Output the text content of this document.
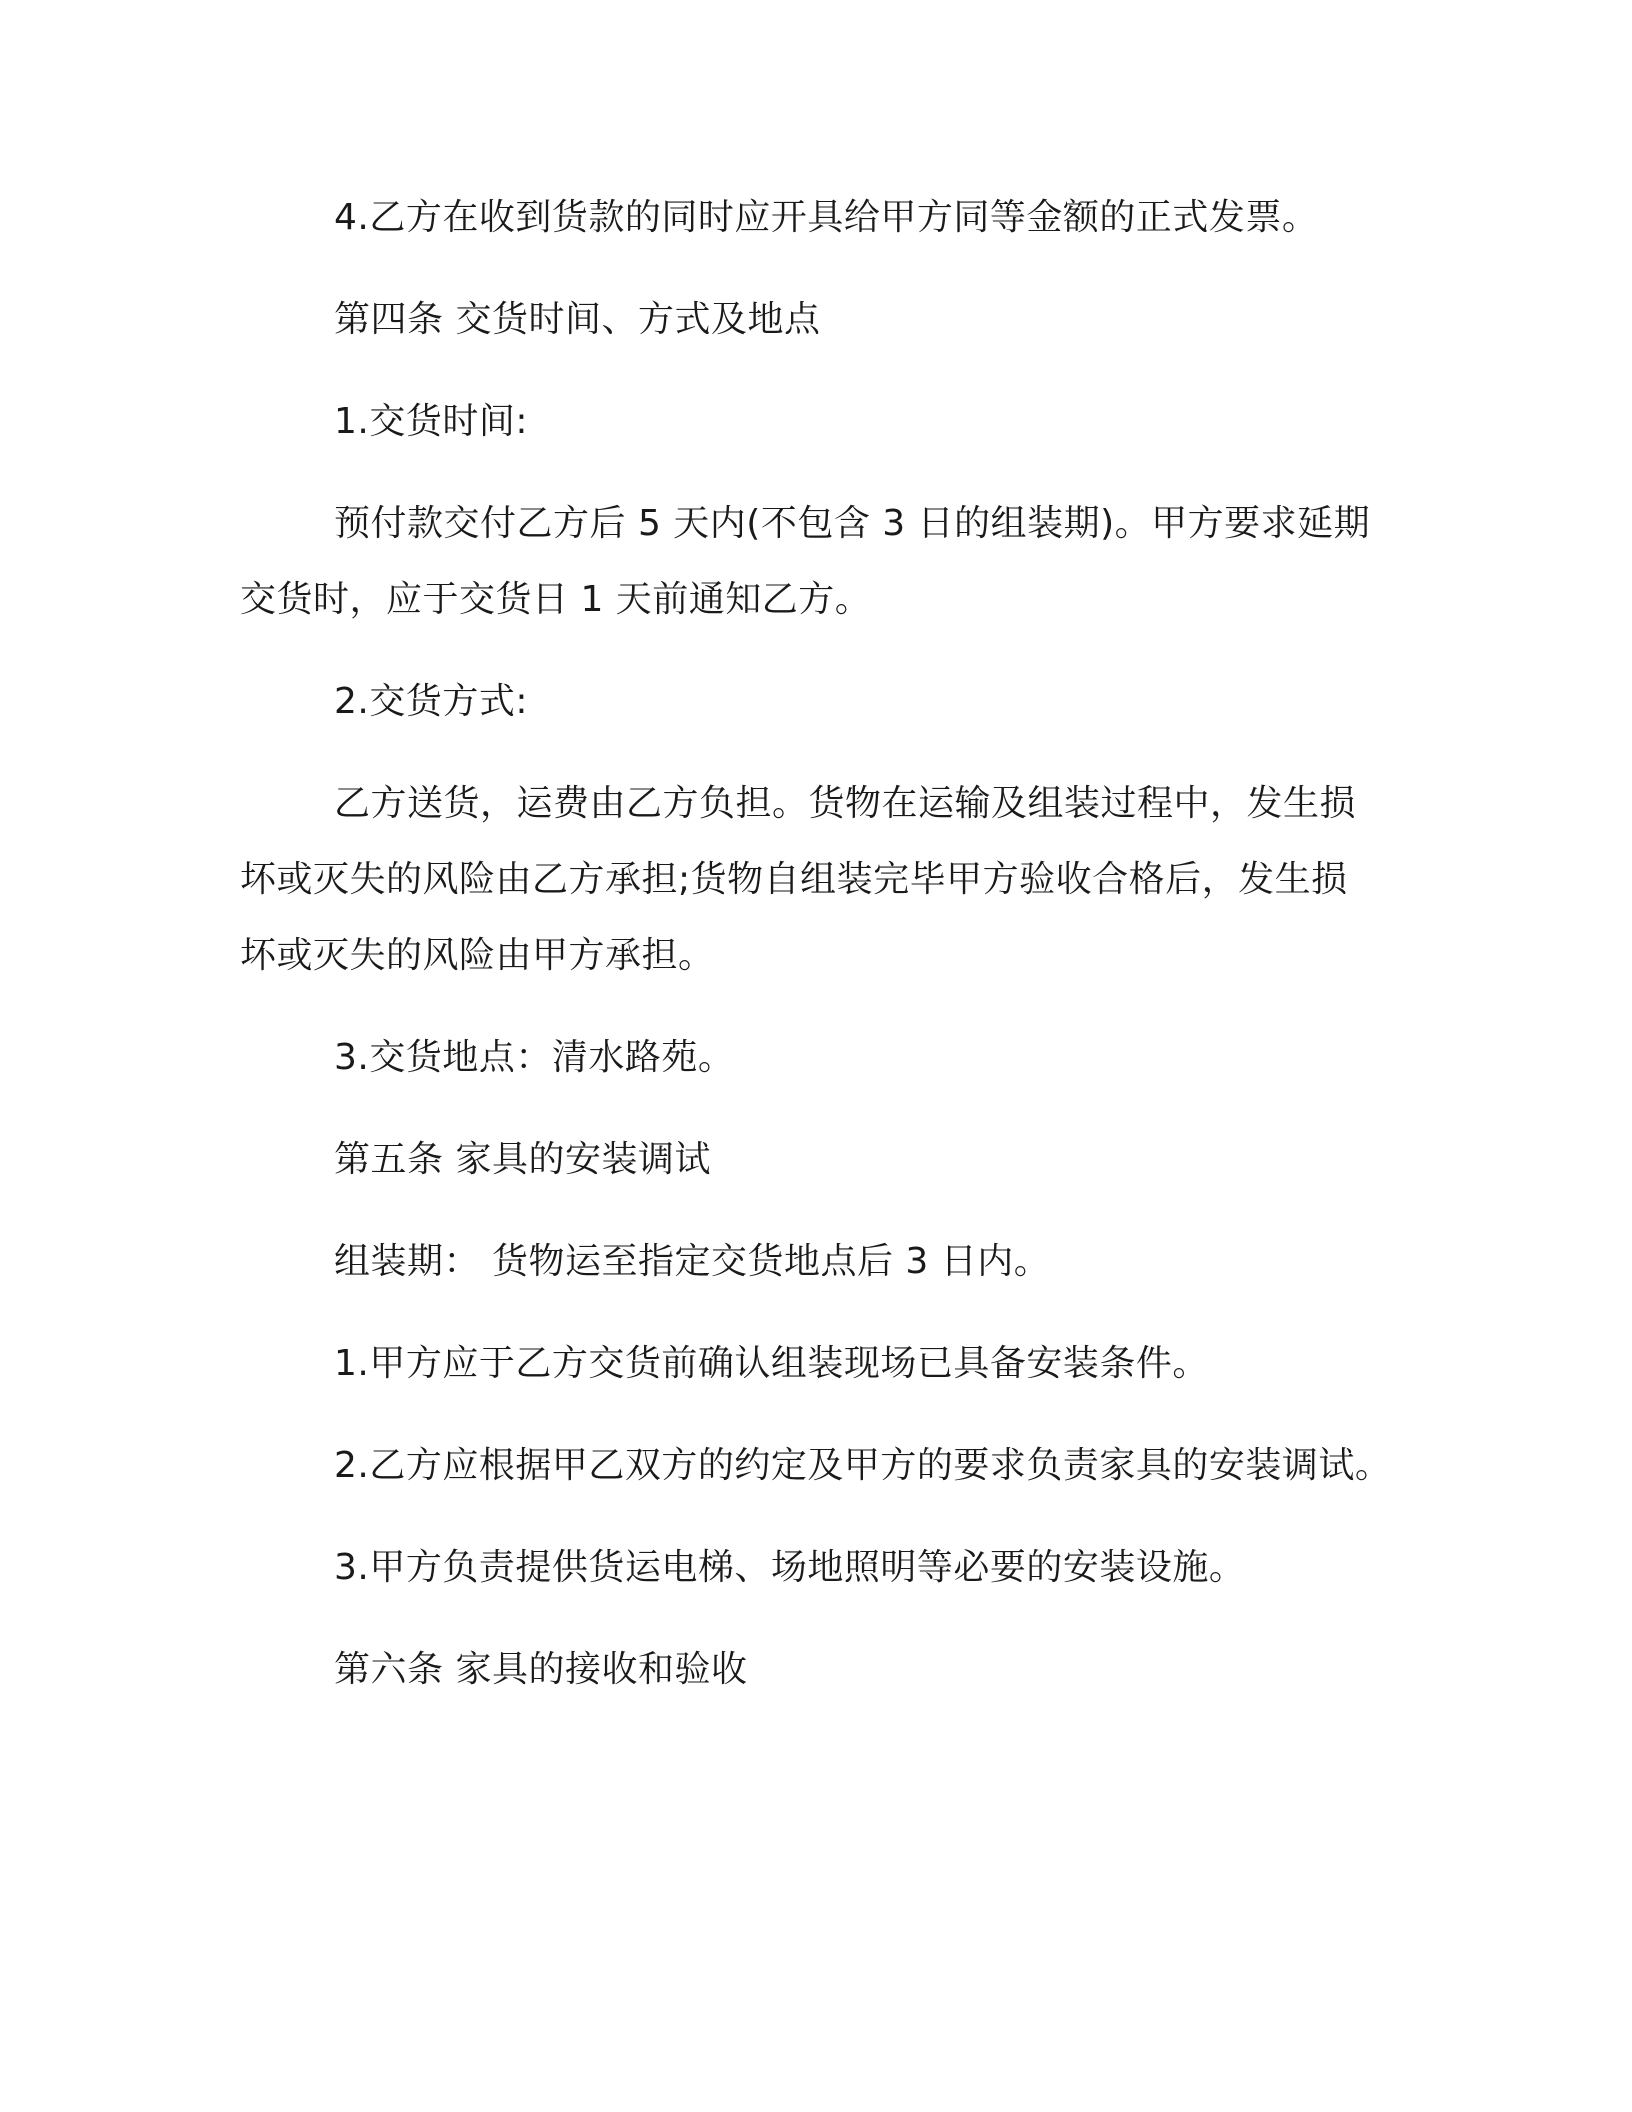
4.乙方在收到货款的同时应开具给甲方同等金额的正式发票。
第四条 交货时间、方式及地点
1.交货时间:
预付款交付乙方后 5 天内(不包含 3 日的组装期)。甲方要求延期
交货时，应于交货日 1 天前通知乙方。
2.交货方式:
乙方送货，运费由乙方负担。货物在运输及组装过程中，发生损
坏或灭失的风险由乙方承担;货物自组装完毕甲方验收合格后，发生损
坏或灭失的风险由甲方承担。
3.交货地点：清水路苑。
第五条 家具的安装调试
组装期： 货物运至指定交货地点后 3 日内。
1.甲方应于乙方交货前确认组装现场已具备安装条件。
2.乙方应根据甲乙双方的约定及甲方的要求负责家具的安装调试。
3.甲方负责提供货运电梯、场地照明等必要的安装设施。
第六条 家具的接收和验收
